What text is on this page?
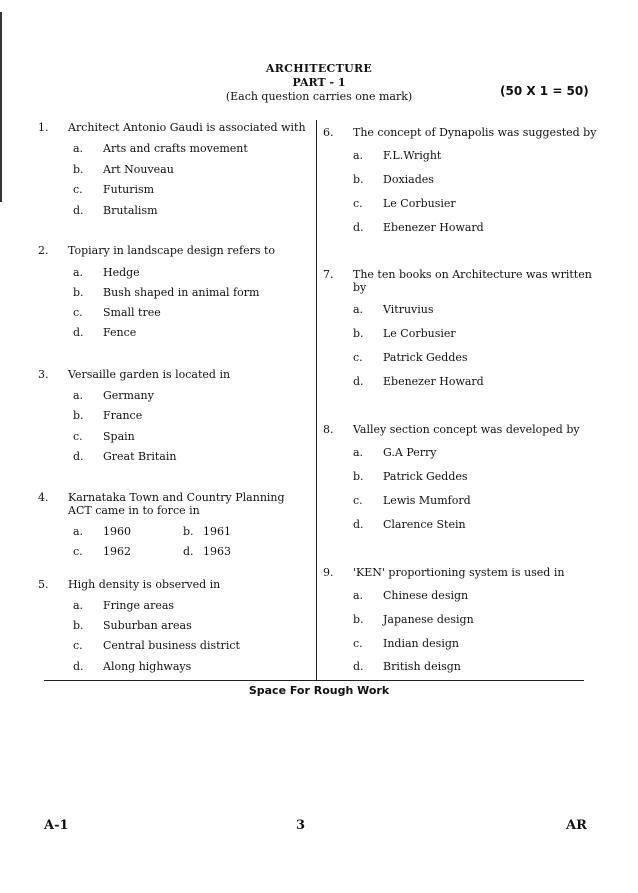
ARCHITECTURE
PART - 1
(Each question carries one mark)	(50 X 1 = 50)
1. Architect Antonio Gaudi is associated with
a. Arts and crafts movement
b. Art Nouveau
c. Futurism
d. Brutalism
2. Topiary in landscape design refers to
a. Hedge
b. Bush shaped in animal form
c. Small tree
d. Fence
3. Versaille garden is located in
a. Germany
b. France
c. Spain
d. Great Britain
4. Karnataka Town and Country Planning ACT came in to force in
a. 1960	b. 1961
c. 1962	d. 1963
5. High density is observed in
a. Fringe areas
b. Suburban areas
c. Central business district
d. Along highways
6. The concept of Dynapolis was suggested by
a. F.L.Wright
b. Doxiades
c. Le Corbusier
d. Ebenezer Howard
7. The ten books on Architecture was written by
a. Vitruvius
b. Le Corbusier
c. Patrick Geddes
d. Ebenezer Howard
8. Valley section concept was developed by
a. G.A Perry
b. Patrick Geddes
c. Lewis Mumford
d. Clarence Stein
9. 'KEN' proportioning system is used in
a. Chinese design
b. Japanese design
c. Indian design
d. British deisgn
Space For Rough Work
A-1	3	AR
